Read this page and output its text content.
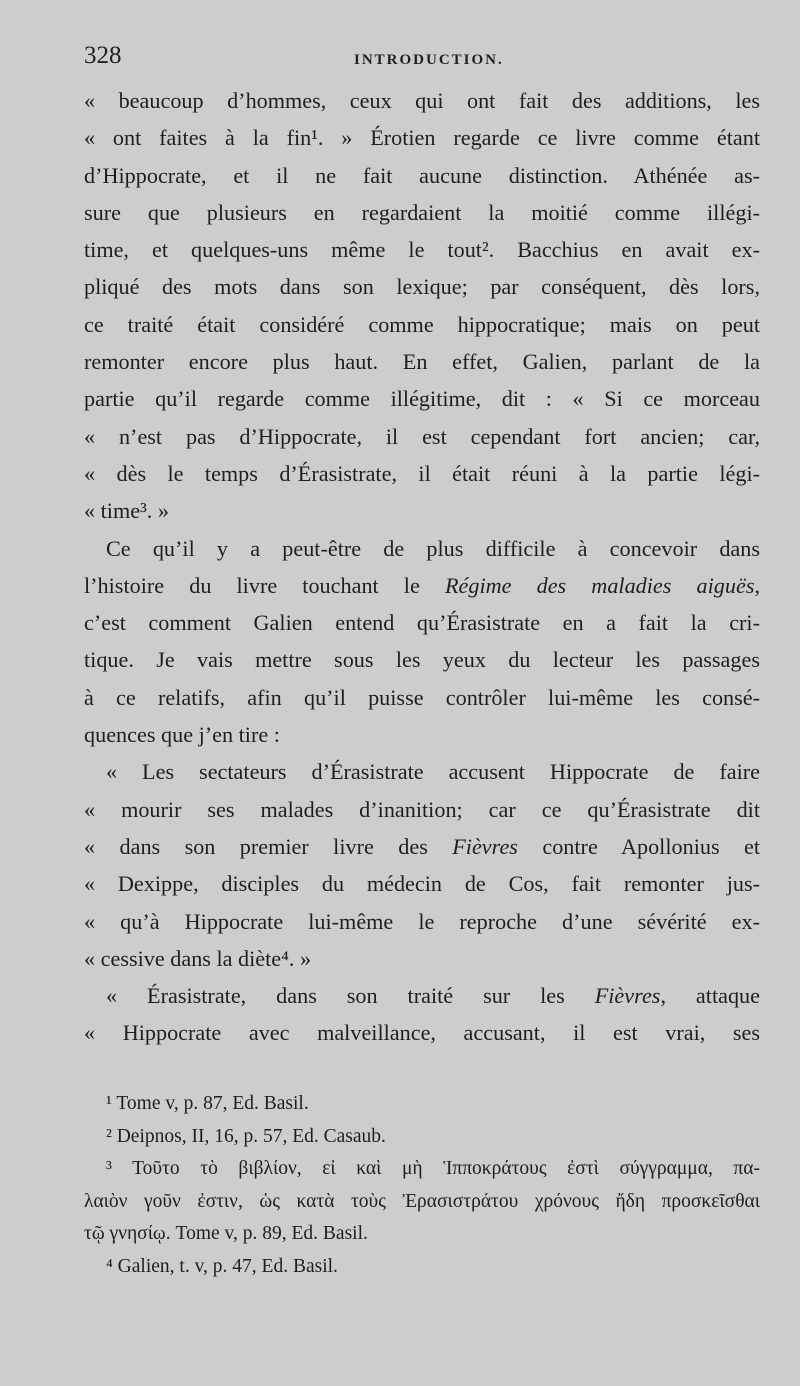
328	INTRODUCTION.
« beaucoup d’hommes, ceux qui ont fait des additions, les
« ont faites à la fin¹. » Érotien regarde ce livre comme étant
d’Hippocrate, et il ne fait aucune distinction. Athénée as-
sure que plusieurs en regardaient la moitié comme illégi-
time, et quelques-uns même le tout². Bacchius en avait ex-
pliqué des mots dans son lexique; par conséquent, dès lors,
ce traité était considéré comme hippocratique; mais on peut
remonter encore plus haut. En effet, Galien, parlant de la
partie qu’il regarde comme illégitime, dit : « Si ce morceau
« n’est pas d’Hippocrate, il est cependant fort ancien; car,
« dès le temps d’Érasistrate, il était réuni à la partie légi-
« time³. »
Ce qu’il y a peut-être de plus difficile à concevoir dans
l’histoire du livre touchant le Régime des maladies aiguës,
c’est comment Galien entend qu’Érasistrate en a fait la cri-
tique. Je vais mettre sous les yeux du lecteur les passages
à ce relatifs, afin qu’il puisse contrôler lui-même les consé-
quences que j’en tire :
« Les sectateurs d’Érasistrate accusent Hippocrate de faire
« mourir ses malades d’inanition; car ce qu’Érasistrate dit
« dans son premier livre des Fièvres contre Apollonius et
« Dexippe, disciples du médecin de Cos, fait remonter jus-
« qu’à Hippocrate lui-même le reproche d’une sévérité ex-
« cessive dans la diète⁴. »
« Érasistrate, dans son traité sur les Fièvres, attaque
« Hippocrate avec malveillance, accusant, il est vrai, ses
¹ Tome v, p. 87, Ed. Basil.
² Deipnos, II, 16, p. 57, Ed. Casaub.
³ Τοῦτο τὸ βιβλίον, εἰ καὶ μὴ Ἱπποκράτους ἐστὶ σύγγραμμα, πα-
λαιὸν γοῦν ἐστιν, ὡς κατὰ τοὺς Ἐρασιστράτου χρόνους ἤδη προσκεῖσθαι
τῷ γνησίῳ. Tome v, p. 89, Ed. Basil.
⁴ Galien, t. v, p. 47, Ed. Basil.
